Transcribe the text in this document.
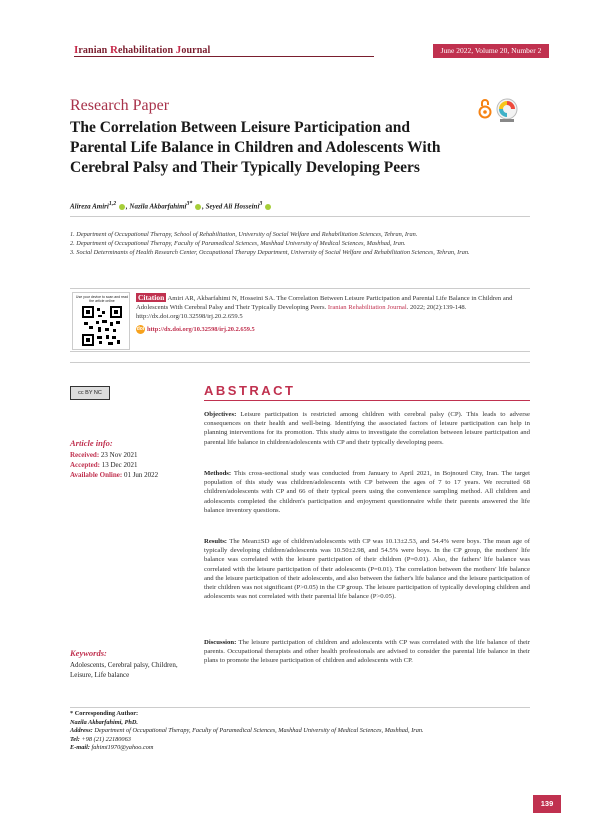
Iranian Rehabilitation Journal	June 2022, Volume 20, Number 2
Research Paper
The Correlation Between Leisure Participation and Parental Life Balance in Children and Adolescents With Cerebral Palsy and Their Typically Developing Peers
Alireza Amiri$^{1,2}$ , Nazila Akbarfahimi$^{3*}$ , Seyed Ali Hosseini$^3$
1. Department of Occupational Therapy, School of Rehabilitation, University of Social Welfare and Rehabilitation Sciences, Tehran, Iran.
2. Department of Occupational Therapy, Faculty of Paramedical Sciences, Mashhad University of Medical Sciences, Mashhad, Iran.
3. Social Determinants of Health Research Center, Occupational Therapy Department, University of Social Welfare and Rehabilitation Sciences, Tehran, Iran.
Use your device to scan and read the article online	Citation Amiri AR, Akbarfahimi N, Hosseini SA. The Correlation Between Leisure Participation and Parental Life Balance in Children and Adolescents With Cerebral Palsy and Their Typically Developing Peers. Iranian Rehabilitation Journal. 2022; 20(2):139-148. http://dx.doi.org/10.32598/irj.20.2.659.5
doi http://dx.doi.org/10.32598/irj.20.2.659.5
cc BY NC	ABSTRACT
Article info:
Received: 23 Nov 2021
Accepted: 13 Dec 2021
Available Online: 01 Jun 2022
Keywords:
Adolescents, Cerebral palsy, Children, Leisure, Life balance

Objectives: Leisure participation is restricted among children with cerebral palsy (CP). This leads to adverse consequences on their health and well-being. Identifying the associated factors of leisure participation can help in planning interventions for its promotion. This study aims to investigate the correlation between leisure participation and parental life balance in children/adolescents with CP and their typically developing peers.

Methods: This cross-sectional study was conducted from January to April 2021, in Bojnourd City, Iran. The target population of this study was children/adolescents with CP between the ages of 7 to 17 years. We recruited 68 children/adolescents with CP and 66 of their typical peers using the convenience sampling method. All children and adolescents completed the children's participation and enjoyment questionnaire while their parents answered the life balance inventory questions.

Results: The Mean±SD age of children/adolescents with CP was 10.13±2.53, and 54.4% were boys. The mean age of typically developing children/adolescents was 10.50±2.98, and 54.5% were boys. In the CP group, the mothers' life balance was correlated with the leisure participation of their children (P=0.01). Also, the fathers' life balance was correlated with the leisure participation of their adolescents (P=0.01). The correlation between the mothers' life balance and the leisure participation of their adolescents, and also between the father's life balance and the leisure participation of their children was not significant (P>0.05) in the CP group. The leisure participation of typically developing children and adolescents was not correlated with their parental life balance (P>0.05).

Discussion: The leisure participation of children and adolescents with CP was correlated with the life balance of their parents. Occupational therapists and other health professionals are advised to consider the parental life balance in their plans to promote the leisure participation of children and adolescents with CP.

* Corresponding Author:
Nazila Akbarfahimi, PhD.
Address: Department of Occupational Therapy, Faculty of Paramedical Sciences, Mashhad University of Medical Sciences, Mashhad, Iran.
Tel: +98 (21) 22180063
E-mail: fahimi1970@yahoo.com
139
